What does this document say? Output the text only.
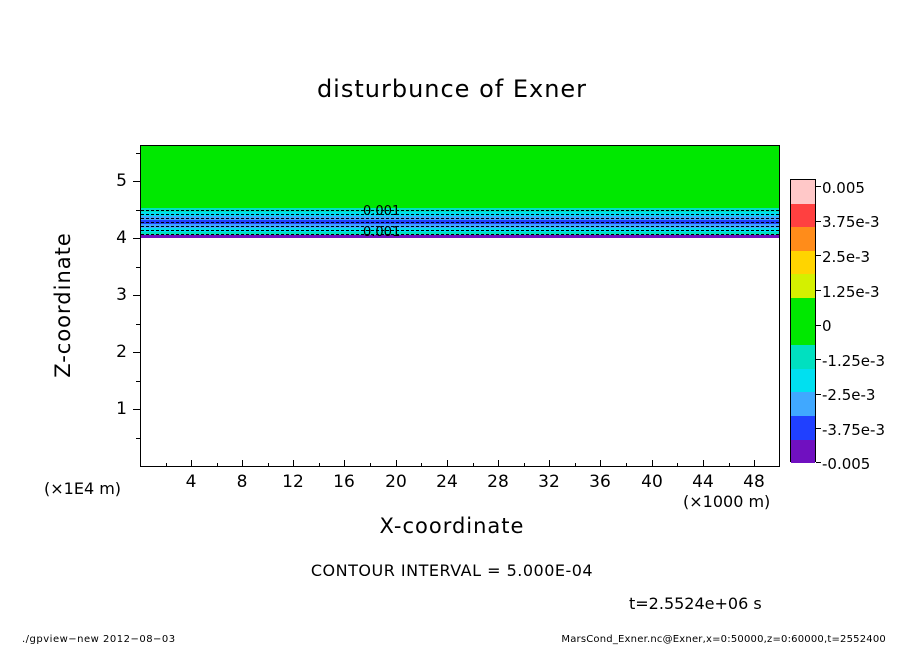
disturbunce of Exner
0.001
0.001
4	8	12	16	20	24	28	32	36	40	44	48
1
2
3
4
5
Z-coordinate
X-coordinate
(×1E4 m)
(×1000 m)
CONTOUR INTERVAL = 5.000E-04
t=2.5524e+06 s
0.005
3.75e-3
2.5e-3
1.25e-3
0
-1.25e-3
-2.5e-3
-3.75e-3
-0.005
./gpview−new 2012−08−03	MarsCond_Exner.nc@Exner,x=0:50000,z=0:60000,t=2552400
